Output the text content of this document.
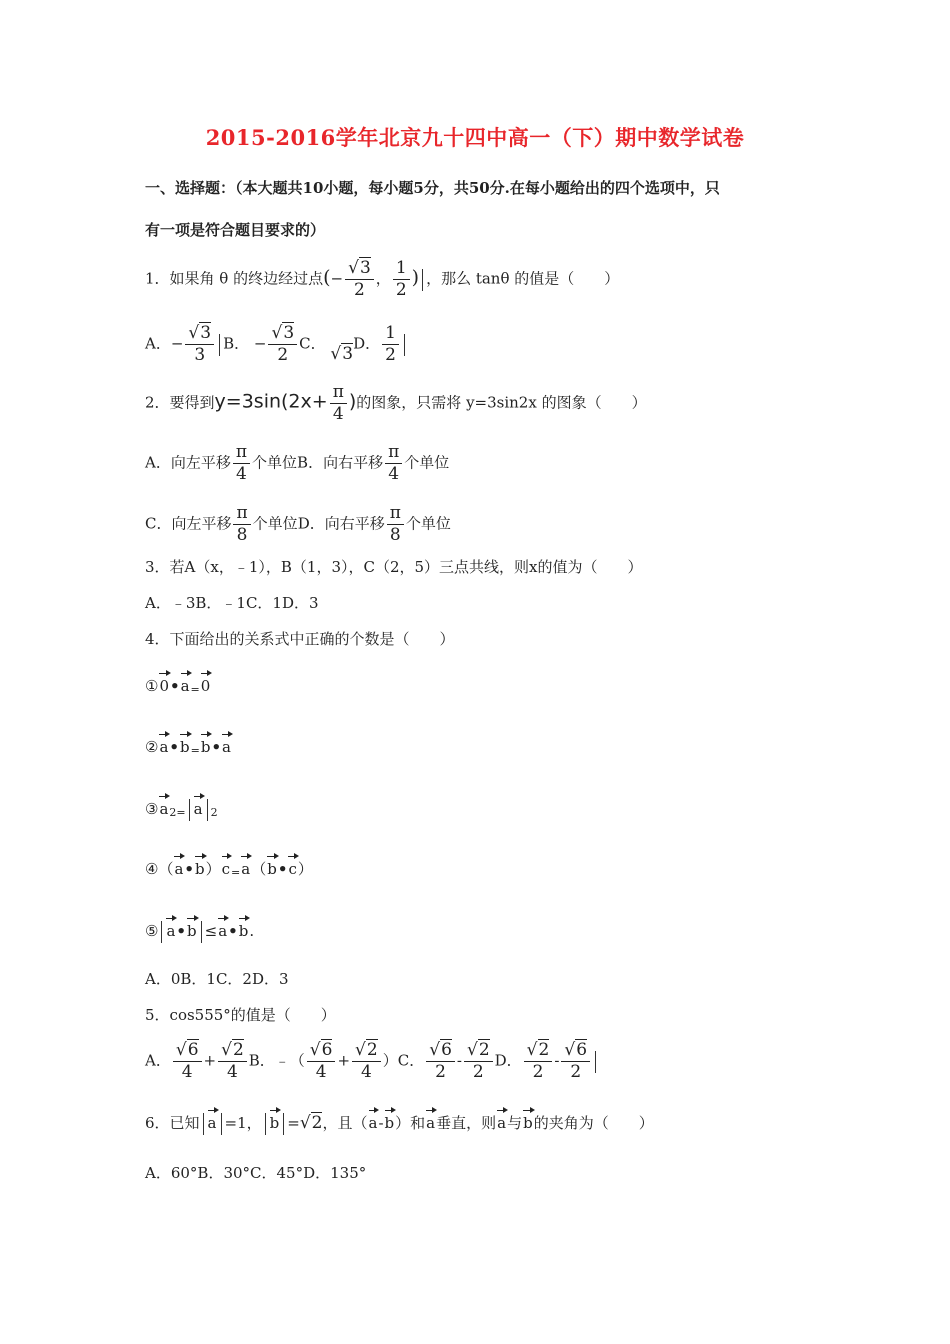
2015-2016学年北京九十四中高一（下）期中数学试卷
一、选择题：（本大题共10小题，每小题5分，共50分.在每小题给出的四个选项中，只
有一项是符合题目要求的）
1．如果角 θ 的终边经过点(− $\frac{√3}{2}$ ， $\frac{1}{2}$ ) ，那么 tanθ 的值是（　　）
A．− $\frac{√3}{3}$ B． − $\frac{√3}{2}$ C． √3D． $\frac{1}{2}$
2．要得到$y=3\sin(2x+ \frac{\pi}{4}$ )的图象，只需将 y=3sin2x 的图象（　　）
A．向左平移 $\frac{\pi}{4}$ 个单位B．向右平移 $\frac{\pi}{4}$ 个单位
C．向左平移 $\frac{\pi}{8}$ 个单位D．向右平移 $\frac{\pi}{8}$ 个单位
3．若A（x，﹣1），B（1，3），C（2，5）三点共线，则x的值为（　　）
A．﹣3B．﹣1C．1D．3
4．下面给出的关系式中正确的个数是（　　）
①0•a=0
②a•b=b•a
③a2= a 2
④（a•b）c=a（b•c）
⑤ a•b ≤a•b.
A．0B．1C．2D．3
5．cos555°的值是（　　）
A． $\frac{√6}{4} + \frac{√2}{4}$ B．﹣（ $\frac{√6}{4} + \frac{√2}{4} )C$． $\frac{√6}{2} - \frac{√2}{2}$ D． $\frac{√2}{2} - \frac{√6}{2}$
6．已知 a =1， b =√2，且（a-b）和a垂直，则a与b的夹角为（　　）
A．60°B．30°C．45°D．135°
